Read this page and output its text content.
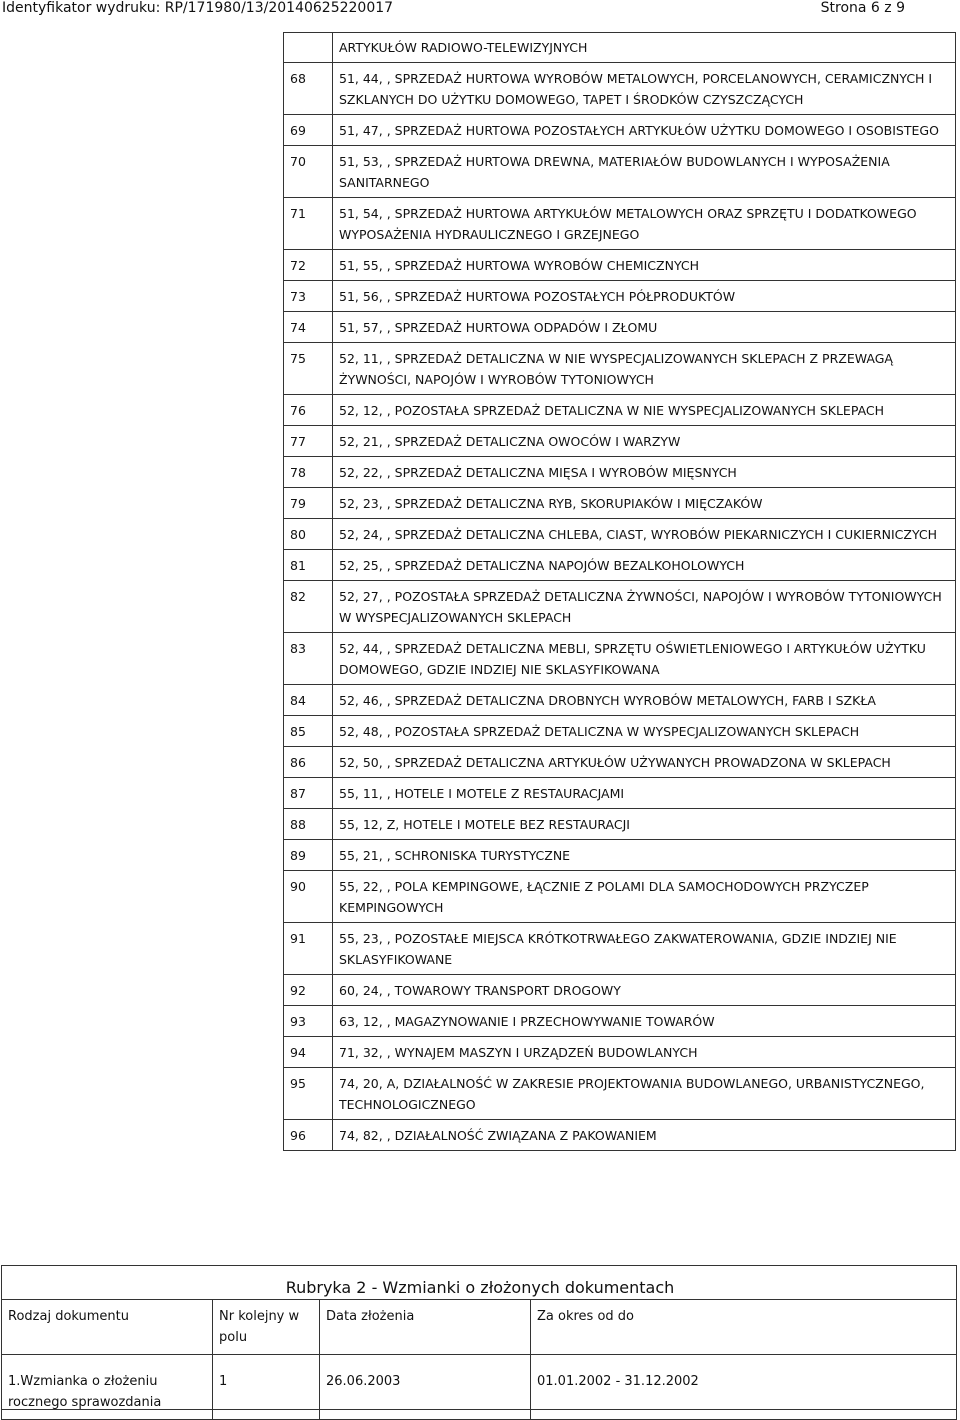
Identyfikator wydruku: RP/171980/13/20140625220017	Strona 6 z 9
	ARTYKUŁÓW RADIOWO-TELEWIZYJNYCH
68	51, 44, , SPRZEDAŻ HURTOWA WYROBÓW METALOWYCH, PORCELANOWYCH, CERAMICZNYCH I SZKLANYCH DO UŻYTKU DOMOWEGO, TAPET I ŚRODKÓW CZYSZCZĄCYCH
69	51, 47, , SPRZEDAŻ HURTOWA POZOSTAŁYCH ARTYKUŁÓW UŻYTKU DOMOWEGO I OSOBISTEGO
70	51, 53, , SPRZEDAŻ HURTOWA DREWNA, MATERIAŁÓW BUDOWLANYCH I WYPOSAŻENIA SANITARNEGO
71	51, 54, , SPRZEDAŻ HURTOWA ARTYKUŁÓW METALOWYCH ORAZ SPRZĘTU I DODATKOWEGO WYPOSAŻENIA HYDRAULICZNEGO I GRZEJNEGO
72	51, 55, , SPRZEDAŻ HURTOWA WYROBÓW CHEMICZNYCH
73	51, 56, , SPRZEDAŻ HURTOWA POZOSTAŁYCH PÓŁPRODUKTÓW
74	51, 57, , SPRZEDAŻ HURTOWA ODPADÓW I ZŁOMU
75	52, 11, , SPRZEDAŻ DETALICZNA W NIE WYSPECJALIZOWANYCH SKLEPACH Z PRZEWAGĄ ŻYWNOŚCI, NAPOJÓW I WYROBÓW TYTONIOWYCH
76	52, 12, , POZOSTAŁA SPRZEDAŻ DETALICZNA W NIE WYSPECJALIZOWANYCH SKLEPACH
77	52, 21, , SPRZEDAŻ DETALICZNA OWOCÓW I WARZYW
78	52, 22, , SPRZEDAŻ DETALICZNA MIĘSA I WYROBÓW MIĘSNYCH
79	52, 23, , SPRZEDAŻ DETALICZNA RYB, SKORUPIAKÓW I MIĘCZAKÓW
80	52, 24, , SPRZEDAŻ DETALICZNA CHLEBA, CIAST, WYROBÓW PIEKARNICZYCH I CUKIERNICZYCH
81	52, 25, , SPRZEDAŻ DETALICZNA NAPOJÓW BEZALKOHOLOWYCH
82	52, 27, , POZOSTAŁA SPRZEDAŻ DETALICZNA ŻYWNOŚCI, NAPOJÓW I WYROBÓW TYTONIOWYCH W WYSPECJALIZOWANYCH SKLEPACH
83	52, 44, , SPRZEDAŻ DETALICZNA MEBLI, SPRZĘTU OŚWIETLENIOWEGO I ARTYKUŁÓW UŻYTKU DOMOWEGO, GDZIE INDZIEJ NIE SKLASYFIKOWANA
84	52, 46, , SPRZEDAŻ DETALICZNA DROBNYCH WYROBÓW METALOWYCH, FARB I SZKŁA
85	52, 48, , POZOSTAŁA SPRZEDAŻ DETALICZNA W WYSPECJALIZOWANYCH SKLEPACH
86	52, 50, , SPRZEDAŻ DETALICZNA ARTYKUŁÓW UŻYWANYCH PROWADZONA W SKLEPACH
87	55, 11, , HOTELE I MOTELE Z RESTAURACJAMI
88	55, 12, Z, HOTELE I MOTELE BEZ RESTAURACJI
89	55, 21, , SCHRONISKA TURYSTYCZNE
90	55, 22, , POLA KEMPINGOWE, ŁĄCZNIE Z POLAMI DLA SAMOCHODOWYCH PRZYCZEP KEMPINGOWYCH
91	55, 23, , POZOSTAŁE MIEJSCA KRÓTKOTRWAŁEGO ZAKWATEROWANIA, GDZIE INDZIEJ NIE SKLASYFIKOWANE
92	60, 24, , TOWAROWY TRANSPORT DROGOWY
93	63, 12, , MAGAZYNOWANIE I PRZECHOWYWANIE TOWARÓW
94	71, 32, , WYNAJEM MASZYN I URZĄDZEŃ BUDOWLANYCH
95	74, 20, A, DZIAŁALNOŚĆ W ZAKRESIE PROJEKTOWANIA BUDOWLANEGO, URBANISTYCZNEGO, TECHNOLOGICZNEGO
96	74, 82, , DZIAŁALNOŚĆ ZWIĄZANA Z PAKOWANIEM
Rubryka 2 - Wzmianki o złożonych dokumentach
Rodzaj dokumentu	Nr kolejny w polu	Data złożenia	Za okres od do
1.Wzmianka o złożeniu rocznego sprawozdania	1	26.06.2003	01.01.2002 - 31.12.2002
